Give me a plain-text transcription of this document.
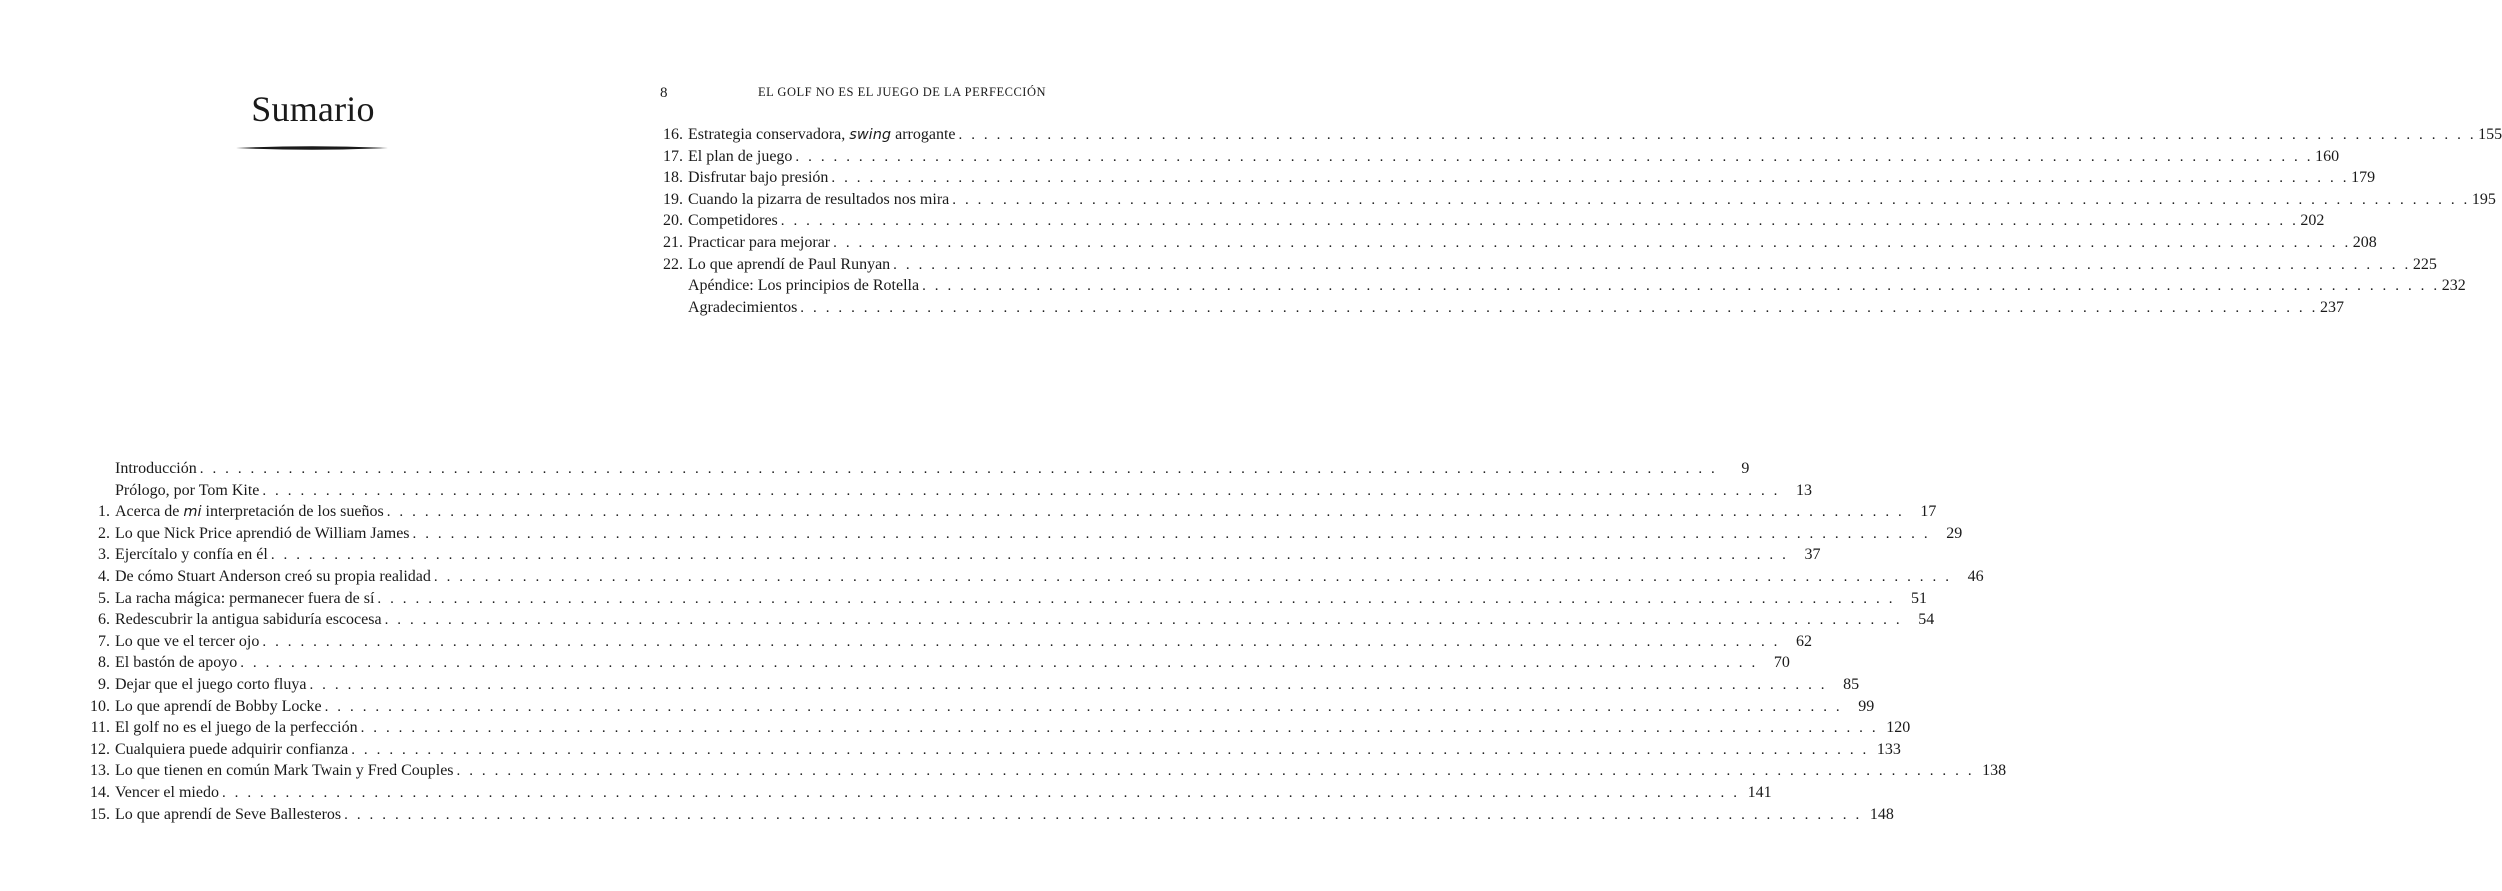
Sumario
Introducción . . . . . . . . . . . . . . . . . . . . . . . . . . . . . . . . . . . . . . . . . . . . . . . . . . . . . . . . . . . . . . . . . . . . . . . . . . . . . . . . . . . . . . . . . . . . . . . . . . . . . . . . . . . . . . . . . . . . . . . .	9
Prólogo, por Tom Kite . . . . . . . . . . . . . . . . . . . . . . . . . . . . . . . . . . . . . . . . . . . . . . . . . . . . . . . . . . . . . . . . . . . . . . . . . . . . . . . . . . . . . . . . . . . . . . . . . . . . . . . . . . . . . . . . . . . . . . . .	13
1. Acerca de mi interpretación de los sueños . . . . . . . . . . . . . . . . . . . . . . . . . . . . . . . . . . . . . . . . . . . . . . . . . . . . . . . . . . . . . . . . . . . . . . . . . . . . . . . . . . . . . . . . . . . . . . . . . . . . . . . . . . . . . . . . . . . . . . . .	17
2. Lo que Nick Price aprendió de William James . . . . . . . . . . . . . . . . . . . . . . . . . . . . . . . . . . . . . . . . . . . . . . . . . . . . . . . . . . . . . . . . . . . . . . . . . . . . . . . . . . . . . . . . . . . . . . . . . . . . . . . . . . . . . . . . . . . . . . . .	29
3. Ejercítalo y confía en él . . . . . . . . . . . . . . . . . . . . . . . . . . . . . . . . . . . . . . . . . . . . . . . . . . . . . . . . . . . . . . . . . . . . . . . . . . . . . . . . . . . . . . . . . . . . . . . . . . . . . . . . . . . . . . . . . . . . . . . .	37
4. De cómo Stuart Anderson creó su propia realidad . . . . . . . . . . . . . . . . . . . . . . . . . . . . . . . . . . . . . . . . . . . . . . . . . . . . . . . . . . . . . . . . . . . . . . . . . . . . . . . . . . . . . . . . . . . . . . . . . . . . . . . . . . . . . . . . . . . . . . . .	46
5. La racha mágica: permanecer fuera de sí . . . . . . . . . . . . . . . . . . . . . . . . . . . . . . . . . . . . . . . . . . . . . . . . . . . . . . . . . . . . . . . . . . . . . . . . . . . . . . . . . . . . . . . . . . . . . . . . . . . . . . . . . . . . . . . . . . . . . . . .	51
6. Redescubrir la antigua sabiduría escocesa . . . . . . . . . . . . . . . . . . . . . . . . . . . . . . . . . . . . . . . . . . . . . . . . . . . . . . . . . . . . . . . . . . . . . . . . . . . . . . . . . . . . . . . . . . . . . . . . . . . . . . . . . . . . . . . . . . . . . . . .	54
7. Lo que ve el tercer ojo . . . . . . . . . . . . . . . . . . . . . . . . . . . . . . . . . . . . . . . . . . . . . . . . . . . . . . . . . . . . . . . . . . . . . . . . . . . . . . . . . . . . . . . . . . . . . . . . . . . . . . . . . . . . . . . . . . . . . . . .	62
8. El bastón de apoyo . . . . . . . . . . . . . . . . . . . . . . . . . . . . . . . . . . . . . . . . . . . . . . . . . . . . . . . . . . . . . . . . . . . . . . . . . . . . . . . . . . . . . . . . . . . . . . . . . . . . . . . . . . . . . . . . . . . . . . . .	70
9. Dejar que el juego corto fluya . . . . . . . . . . . . . . . . . . . . . . . . . . . . . . . . . . . . . . . . . . . . . . . . . . . . . . . . . . . . . . . . . . . . . . . . . . . . . . . . . . . . . . . . . . . . . . . . . . . . . . . . . . . . . . . . . . . . . . . .	85
10. Lo que aprendí de Bobby Locke . . . . . . . . . . . . . . . . . . . . . . . . . . . . . . . . . . . . . . . . . . . . . . . . . . . . . . . . . . . . . . . . . . . . . . . . . . . . . . . . . . . . . . . . . . . . . . . . . . . . . . . . . . . . . . . . . . . . . . . .	99
11. El golf no es el juego de la perfección . . . . . . . . . . . . . . . . . . . . . . . . . . . . . . . . . . . . . . . . . . . . . . . . . . . . . . . . . . . . . . . . . . . . . . . . . . . . . . . . . . . . . . . . . . . . . . . . . . . . . . . . . . . . . . . . . . . . . . . . 120
12. Cualquiera puede adquirir confianza . . . . . . . . . . . . . . . . . . . . . . . . . . . . . . . . . . . . . . . . . . . . . . . . . . . . . . . . . . . . . . . . . . . . . . . . . . . . . . . . . . . . . . . . . . . . . . . . . . . . . . . . . . . . . . . . . . . . . . . . 133
13. Lo que tienen en común Mark Twain y Fred Couples . . . . . . . . . . . . . . . . . . . . . . . . . . . . . . . . . . . . . . . . . . . . . . . . . . . . . . . . . . . . . . . . . . . . . . . . . . . . . . . . . . . . . . . . . . . . . . . . . . . . . . . . . . . . . . . . . . . . . . . . 138
14. Vencer el miedo . . . . . . . . . . . . . . . . . . . . . . . . . . . . . . . . . . . . . . . . . . . . . . . . . . . . . . . . . . . . . . . . . . . . . . . . . . . . . . . . . . . . . . . . . . . . . . . . . . . . . . . . . . . . . . . . . . . . . . . . 141
15. Lo que aprendí de Seve Ballesteros . . . . . . . . . . . . . . . . . . . . . . . . . . . . . . . . . . . . . . . . . . . . . . . . . . . . . . . . . . . . . . . . . . . . . . . . . . . . . . . . . . . . . . . . . . . . . . . . . . . . . . . . . . . . . . . . . . . . . . . . 148
8	EL GOLF NO ES EL JUEGO DE LA PERFECCIÓN
16. Estrategia conservadora, swing arrogante . . . . . . . . . . . . . . . . . . . . . . . . . . . . . . . . . . . . . . . . . . . . . . . . . . . . . . . . . . . . . . . . . . . . . . . . . . . . . . . . . . . . . . . . . . . . . . . . . . . . . . . . . . . . . . . . . . . . . . . . 155
17. El plan de juego . . . . . . . . . . . . . . . . . . . . . . . . . . . . . . . . . . . . . . . . . . . . . . . . . . . . . . . . . . . . . . . . . . . . . . . . . . . . . . . . . . . . . . . . . . . . . . . . . . . . . . . . . . . . . . . . . . . . . . . . 160
18. Disfrutar bajo presión . . . . . . . . . . . . . . . . . . . . . . . . . . . . . . . . . . . . . . . . . . . . . . . . . . . . . . . . . . . . . . . . . . . . . . . . . . . . . . . . . . . . . . . . . . . . . . . . . . . . . . . . . . . . . . . . . . . . . . . . 179
19. Cuando la pizarra de resultados nos mira . . . . . . . . . . . . . . . . . . . . . . . . . . . . . . . . . . . . . . . . . . . . . . . . . . . . . . . . . . . . . . . . . . . . . . . . . . . . . . . . . . . . . . . . . . . . . . . . . . . . . . . . . . . . . . . . . . . . . . . . 195
20. Competidores . . . . . . . . . . . . . . . . . . . . . . . . . . . . . . . . . . . . . . . . . . . . . . . . . . . . . . . . . . . . . . . . . . . . . . . . . . . . . . . . . . . . . . . . . . . . . . . . . . . . . . . . . . . . . . . . . . . . . . . . 202
21. Practicar para mejorar . . . . . . . . . . . . . . . . . . . . . . . . . . . . . . . . . . . . . . . . . . . . . . . . . . . . . . . . . . . . . . . . . . . . . . . . . . . . . . . . . . . . . . . . . . . . . . . . . . . . . . . . . . . . . . . . . . . . . . . . 208
22. Lo que aprendí de Paul Runyan . . . . . . . . . . . . . . . . . . . . . . . . . . . . . . . . . . . . . . . . . . . . . . . . . . . . . . . . . . . . . . . . . . . . . . . . . . . . . . . . . . . . . . . . . . . . . . . . . . . . . . . . . . . . . . . . . . . . . . . . 225
Apéndice: Los principios de Rotella . . . . . . . . . . . . . . . . . . . . . . . . . . . . . . . . . . . . . . . . . . . . . . . . . . . . . . . . . . . . . . . . . . . . . . . . . . . . . . . . . . . . . . . . . . . . . . . . . . . . . . . . . . . . . . . . . . . . . . . . 232
Agradecimientos . . . . . . . . . . . . . . . . . . . . . . . . . . . . . . . . . . . . . . . . . . . . . . . . . . . . . . . . . . . . . . . . . . . . . . . . . . . . . . . . . . . . . . . . . . . . . . . . . . . . . . . . . . . . . . . . . . . . . . . . 237
